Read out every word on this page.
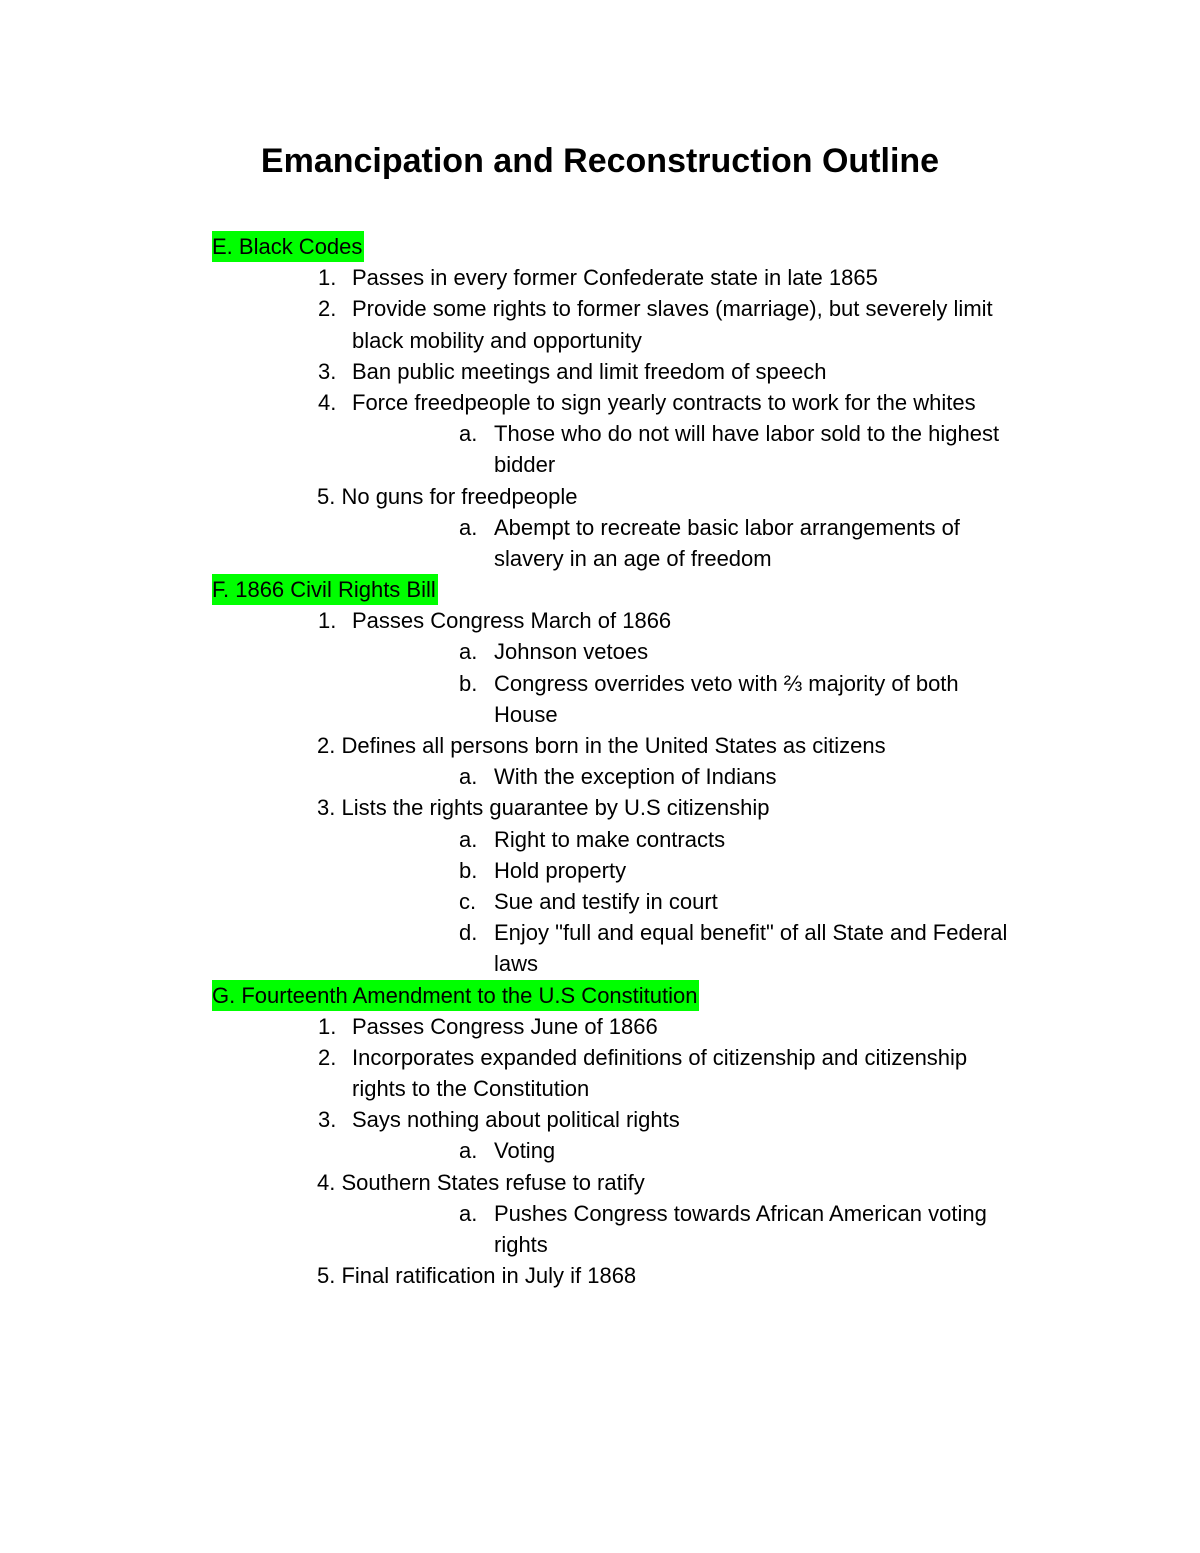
Emancipation and Reconstruction Outline
E. Black Codes
1. Passes in every former Confederate state in late 1865
2. Provide some rights to former slaves (marriage), but severely limit
black mobility and opportunity
3. Ban public meetings and limit freedom of speech
4. Force freedpeople to sign yearly contracts to work for the whites
a. Those who do not will have labor sold to the highest
bidder
5. No guns for freedpeople
a. Abempt to recreate basic labor arrangements of
slavery in an age of freedom
F. 1866 Civil Rights Bill
1. Passes Congress March of 1866
a. Johnson vetoes
b. Congress overrides veto with ⅔ majority of both
House
2. Defines all persons born in the United States as citizens
a. With the exception of Indians
3. Lists the rights guarantee by U.S citizenship
a. Right to make contracts
b. Hold property
c. Sue and testify in court
d. Enjoy "full and equal benefit" of all State and Federal
laws
G. Fourteenth Amendment to the U.S Constitution
1. Passes Congress June of 1866
2. Incorporates expanded definitions of citizenship and citizenship
rights to the Constitution
3. Says nothing about political rights
a. Voting
4. Southern States refuse to ratify
a. Pushes Congress towards African American voting
rights
5. Final ratification in July if 1868
